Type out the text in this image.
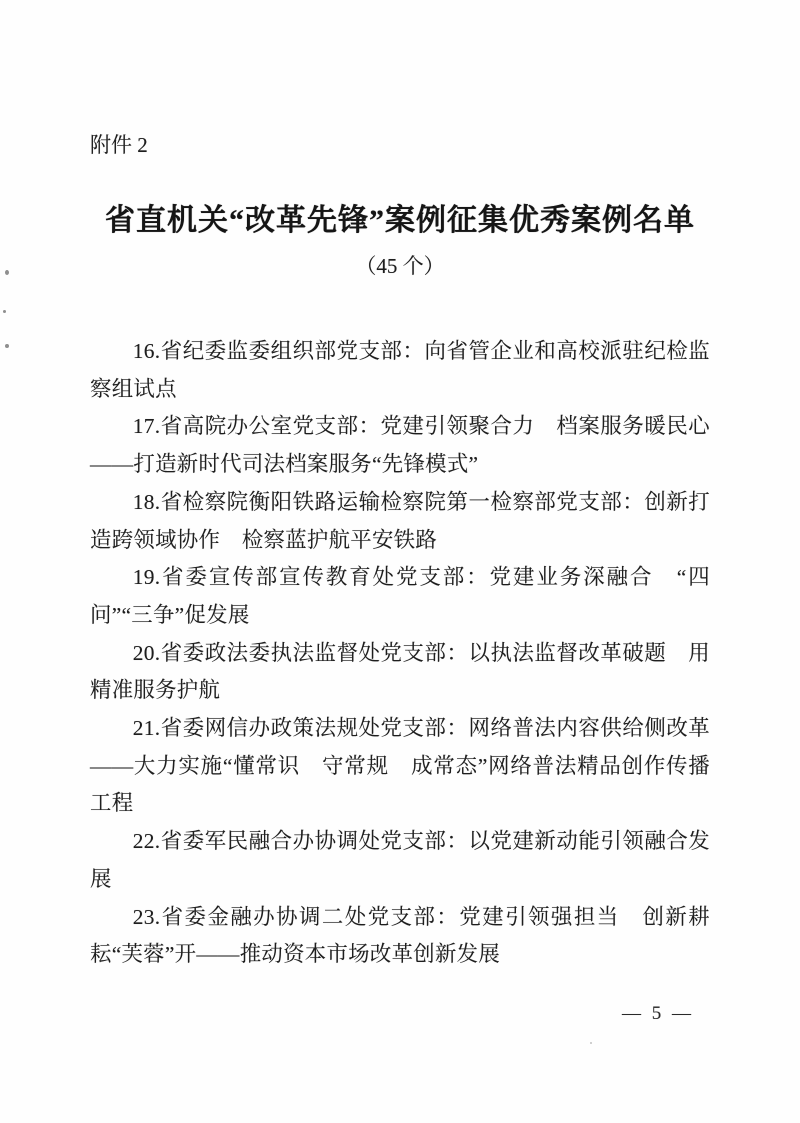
附件 2
省直机关“改革先锋”案例征集优秀案例名单
（45 个）

16.省纪委监委组织部党支部：向省管企业和高校派驻纪检监察组试点

17.省高院办公室党支部：党建引领聚合力　档案服务暖民心——打造新时代司法档案服务“先锋模式”

18.省检察院衡阳铁路运输检察院第一检察部党支部：创新打造跨领域协作　检察蓝护航平安铁路

19.省委宣传部宣传教育处党支部：党建业务深融合　“四问”“三争”促发展

20.省委政法委执法监督处党支部：以执法监督改革破题　用精准服务护航

21.省委网信办政策法规处党支部：网络普法内容供给侧改革——大力实施“懂常识　守常规　成常态”网络普法精品创作传播工程

22.省委军民融合办协调处党支部：以党建新动能引领融合发展

23.省委金融办协调二处党支部：党建引领强担当　创新耕耘“芙蓉”开——推动资本市场改革创新发展

— 5 —
